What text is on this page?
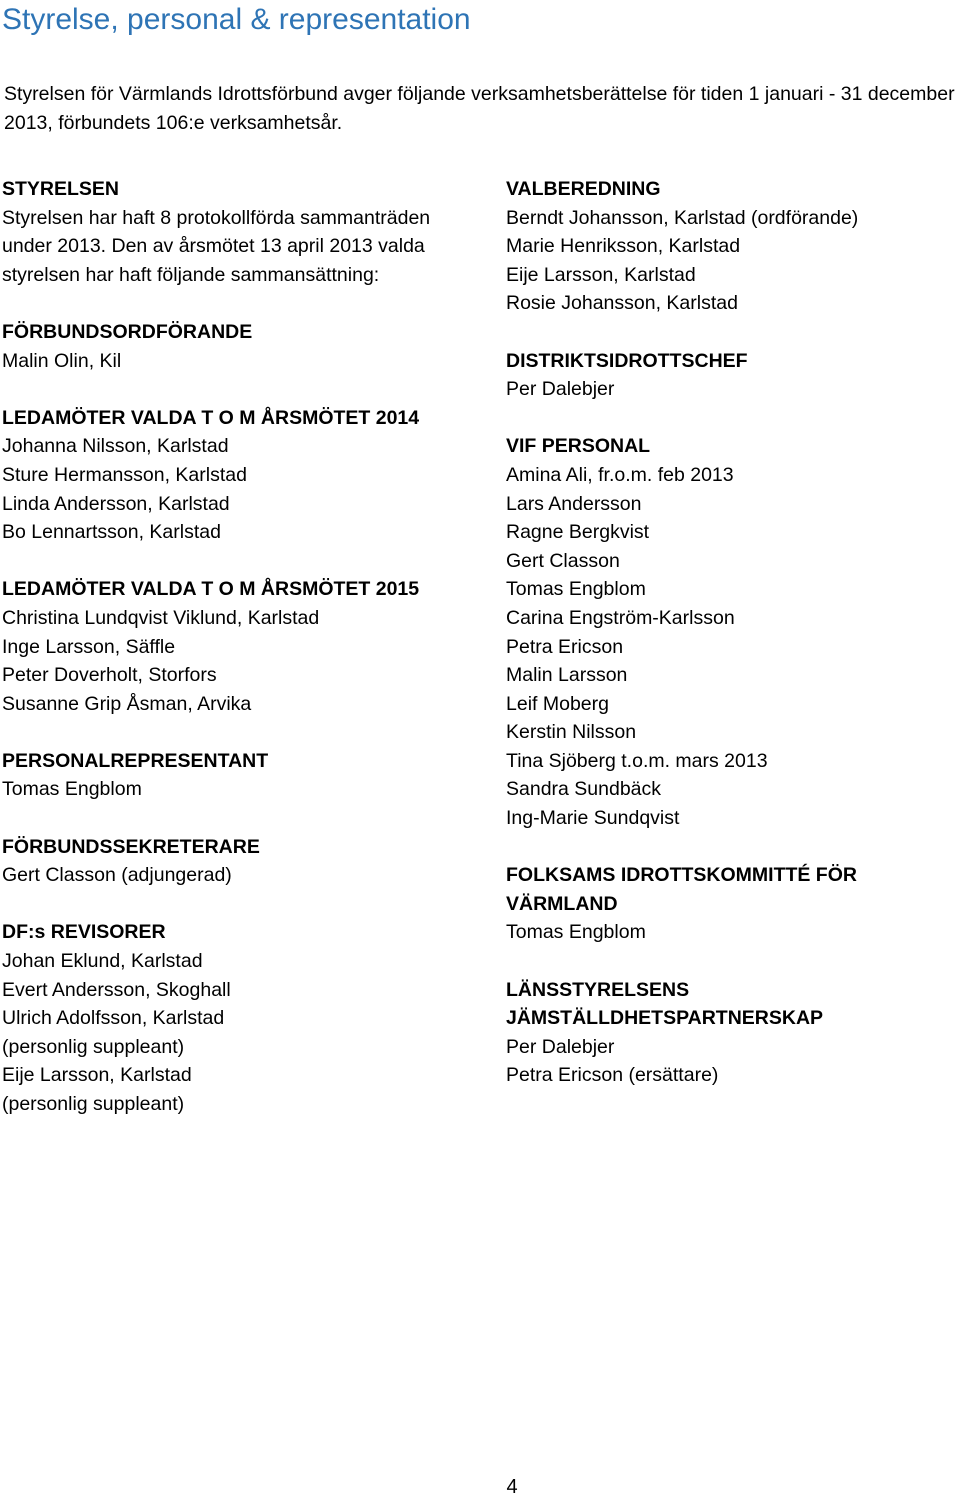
Styrelse, personal & representation

Styrelsen för Värmlands Idrottsförbund avger följande verksamhetsberättelse för tiden 1 januari - 31 december 2013, förbundets 106:e verksamhetsår.

STYRELSEN

Styrelsen har haft 8 protokollförda sammanträden under 2013. Den av årsmötet 13 april 2013 valda styrelsen har haft följande sammansättning:

FÖRBUNDSORDFÖRANDE

Malin Olin, Kil

LEDAMÖTER VALDA T O M ÅRSMÖTET 2014

Johanna Nilsson, Karlstad

Sture Hermansson, Karlstad

Linda Andersson, Karlstad

Bo Lennartsson, Karlstad

LEDAMÖTER VALDA T O M ÅRSMÖTET 2015

Christina Lundqvist Viklund, Karlstad

Inge Larsson, Säffle

Peter Doverholt, Storfors

Susanne Grip Åsman, Arvika

PERSONALREPRESENTANT

Tomas Engblom

FÖRBUNDSSEKRETERARE

Gert Classon (adjungerad)

DF:s REVISORER

Johan Eklund, Karlstad

Evert Andersson, Skoghall

Ulrich Adolfsson, Karlstad

(personlig suppleant)

Eije Larsson, Karlstad

(personlig suppleant)

VALBEREDNING

Berndt Johansson, Karlstad (ordförande)

Marie Henriksson, Karlstad

Eije Larsson, Karlstad

Rosie Johansson, Karlstad

DISTRIKTSIDROTTSCHEF

Per Dalebjer

VIF PERSONAL

Amina Ali, fr.o.m. feb 2013

Lars Andersson

Ragne Bergkvist

Gert Classon

Tomas Engblom

Carina Engström-Karlsson

Petra Ericson

Malin Larsson

Leif Moberg

Kerstin Nilsson

Tina Sjöberg t.o.m. mars 2013

Sandra Sundbäck

Ing-Marie Sundqvist

FOLKSAMS IDROTTSKOMMITTÉ FÖR

VÄRMLAND

Tomas Engblom

LÄNSSTYRELSENS

JÄMSTÄLLDHETSPARTNERSKAP

Per Dalebjer

Petra Ericson (ersättare)

4
